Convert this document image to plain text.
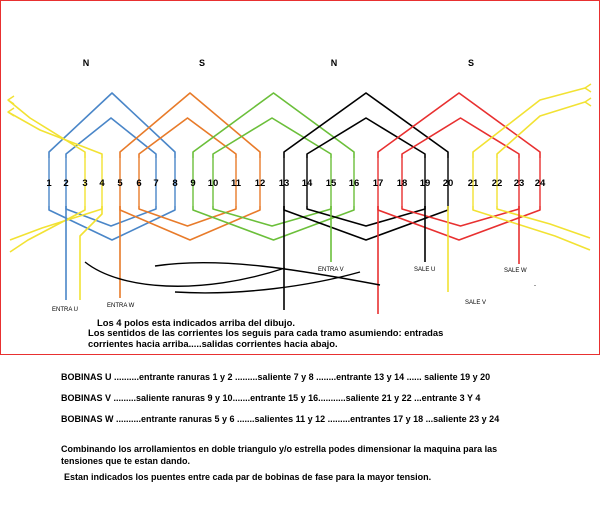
N	S	N	S
1 2 3 4 5 6 7 8 9 10 11 12 13 14 15 16 17 18 19 20 21 22 23 24
ENTRA U
ENTRA W
ENTRA V	SALE U
SALE V
SALE W
-
Los 4 polos esta indicados arriba del dibujo.
Los sentidos de las corrientes los seguis para cada tramo asumiendo: entradas
corrientes hacia arriba.....salidas corrientes hacia abajo.
BOBINAS U ..........entrante ranuras 1 y 2 .........saliente 7 y 8 ........entrante 13 y 14 ...... saliente 19 y 20
BOBINAS V .........saliente ranuras 9 y 10.......entrante 15 y 16...........saliente 21 y 22 ...entrante 3 Y 4
BOBINAS W ..........entrante ranuras 5 y 6 .......salientes 11 y 12 .........entrantes 17 y 18 ...saliente 23 y 24
Combinando los arrollamientos en doble triangulo y/o estrella podes dimensionar la maquina para las
tensiones que te estan dando.
Estan indicados los puentes entre cada par de bobinas de fase para la mayor tension.
